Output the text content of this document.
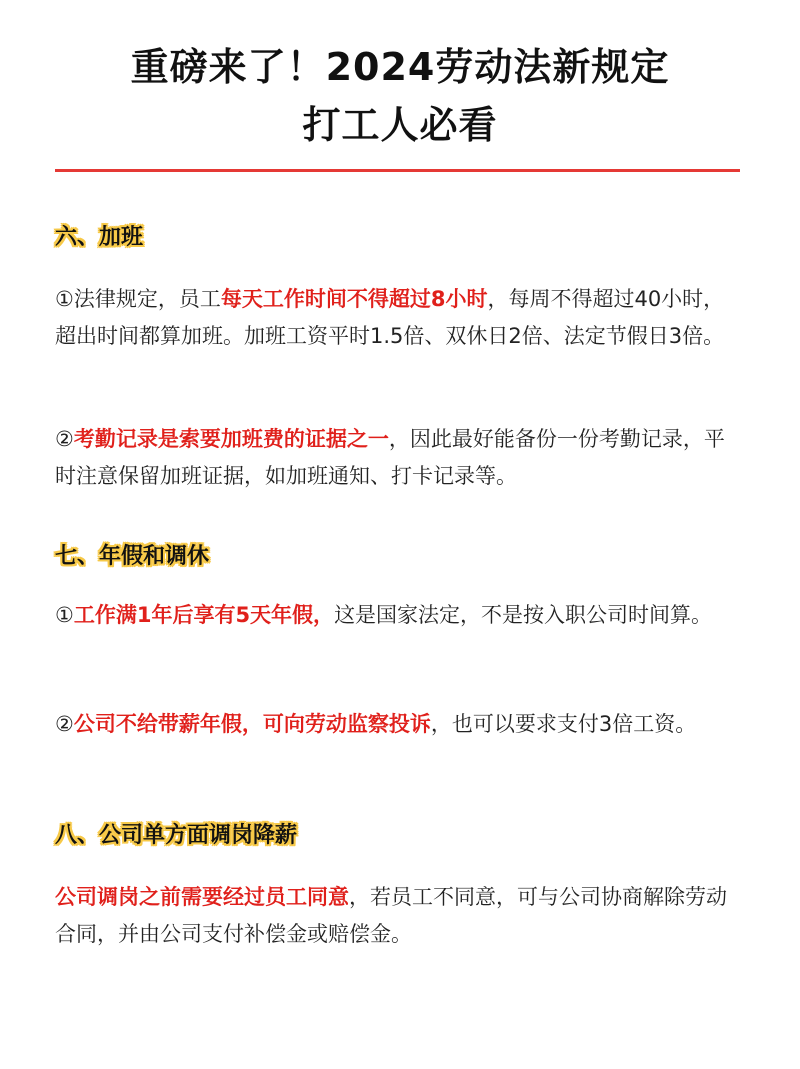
重磅来了！2024劳动法新规定
打工人必看
六、加班

①法律规定，员工每天工作时间不得超过8小时，每周不得超过40小时，超出时间都算加班。加班工资平时1.5倍、双休日2倍、法定节假日3倍。

②考勤记录是索要加班费的证据之一，因此最好能备份一份考勤记录，平时注意保留加班证据，如加班通知、打卡记录等。

七、年假和调休

①工作满1年后享有5天年假，这是国家法定，不是按入职公司时间算。

②公司不给带薪年假，可向劳动监察投诉，也可以要求支付3倍工资。

八、公司单方面调岗降薪

公司调岗之前需要经过员工同意，若员工不同意，可与公司协商解除劳动合同，并由公司支付补偿金或赔偿金。
